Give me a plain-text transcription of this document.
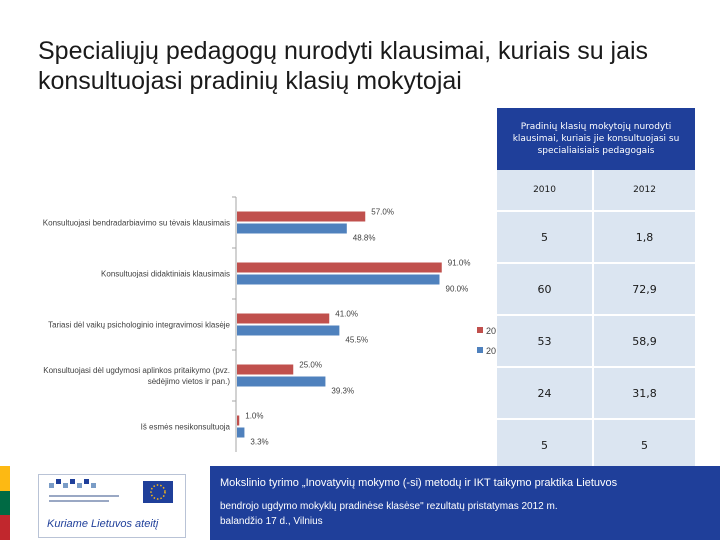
Specialiųjų pedagogų nurodyti klausimai, kuriais su jais konsultuojasi pradinių klasių mokytojai
Konsultuojasi bendradarbiavimo su tėvais klausimais
57.0%
48.8%
Konsultuojasi didaktiniais klausimais
91.0%
90.0%
Tariasi dėl vaikų psichologinio integravimosi klasėje
41.0%
45.5%
Konsultuojasi dėl ugdymosi aplinkos pritaikymo (pvz.
sėdėjimo vietos ir pan.)
25.0%
39.3%
Iš esmės nesikonsultuoja
1.0%
3.3%
20
20
Pradinių klasių mokytojų nurodyti klausimai, kuriais jie konsultuojasi su specialiaisiais pedagogais	
2010	2012
5	1,8
60	72,9
53	58,9
24	31,8
5	5
Kuriame Lietuvos ateitį
Mokslinio tyrimo „Inovatyvių mokymo (-si) metodų ir IKT taikymo praktika Lietuvos
bendrojo ugdymo mokyklų pradinėse klasėse" rezultatų pristatymas 2012 m.
balandžio 17 d., Vilnius
